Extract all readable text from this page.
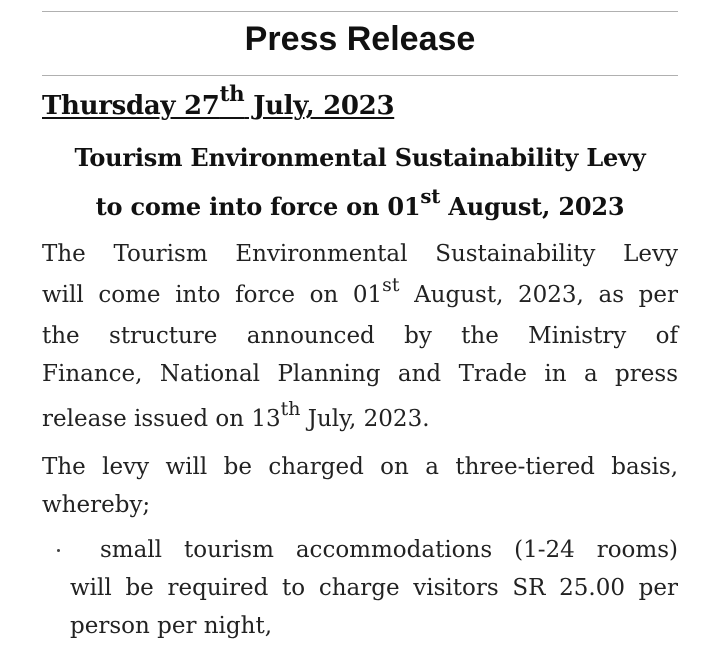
Press Release
Thursday 27th July, 2023
Tourism Environmental Sustainability Levy
to come into force on 01st August, 2023
The Tourism Environmental Sustainability Levy
will come into force on 01st August, 2023, as per
the structure announced by the Ministry of
Finance, National Planning and Trade in a press
release issued on 13th July, 2023.
The levy will be charged on a three-tiered basis,
whereby;
small tourism accommodations (1-24 rooms)
will be required to charge visitors SR 25.00 per
person per night,
